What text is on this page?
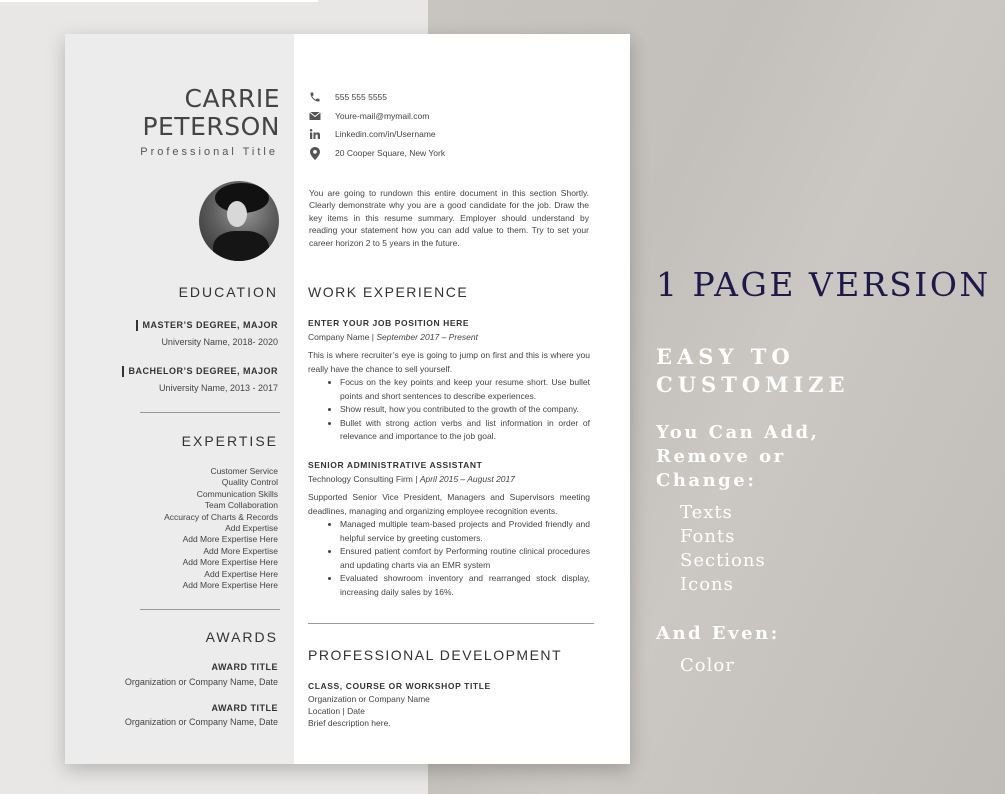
CARRIE
PETERSON
Professional Title
EDUCATION
MASTER’S DEGREE, MAJOR
University Name, 2018- 2020
BACHELOR’S DEGREE, MAJOR
University Name, 2013 - 2017
EXPERTISE
Customer Service
Quality Control
Communication Skills
Team Collaboration
Accuracy of Charts & Records
Add Expertise
Add More Expertise Here
Add More Expertise
Add More Expertise Here
Add Expertise Here
Add More Expertise Here
AWARDS
AWARD TITLE
Organization or Company Name, Date
AWARD TITLE
Organization or Company Name, Date
555 555 5555
Youre-mail@mymail.com
Linkedin.com/in/Username
20 Cooper Square, New York
You are going to rundown this entire document in this section Shortly. Clearly demonstrate why you are a good candidate for the job. Draw the key items in this resume summary. Employer should understand by reading your statement how you can add value to them. Try to set your career horizon 2 to 5 years in the future.
WORK EXPERIENCE
ENTER YOUR JOB POSITION HERE
Company Name | September 2017 – Present
This is where recruiter’s eye is going to jump on first and this is where you really have the chance to sell yourself.
• Focus on the key points and keep your resume short. Use bullet points and short sentences to describe experiences.
• Show result, how you contributed to the growth of the company.
• Bullet with strong action verbs and list information in order of relevance and importance to the job goal.
SENIOR ADMINISTRATIVE ASSISTANT
Technology Consulting Firm | April 2015 – August 2017
Supported Senior Vice President, Managers and Supervisors meeting deadlines, managing and organizing employee recognition events.
• Managed multiple team-based projects and Provided friendly and helpful service by greeting customers.
• Ensured patient comfort by Performing routine clinical procedures and updating charts via an EMR system
• Evaluated showroom inventory and rearranged stock display, increasing daily sales by 16%.
PROFESSIONAL DEVELOPMENT
CLASS, COURSE OR WORKSHOP TITLE
Organization or Company Name
Location | Date
Brief description here.
1 PAGE VERSION
EASY TO
CUSTOMIZE
You Can Add,
Remove or
Change:
Texts
Fonts
Sections
Icons
And Even:
Color
